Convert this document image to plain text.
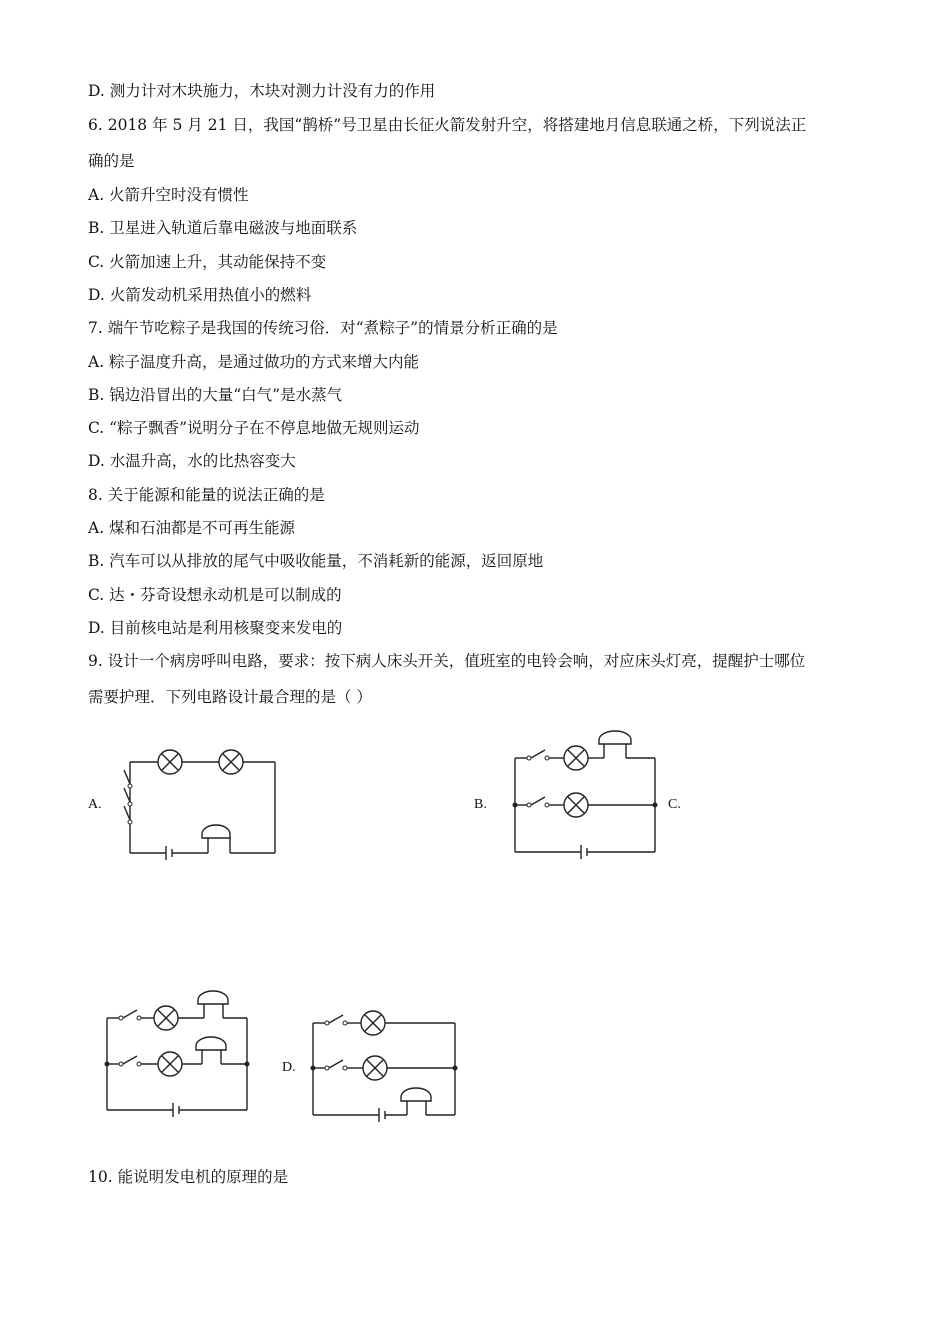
D. 测力计对木块施力，木块对测力计没有力的作用
6. 2018 年 5 月 21 日，我国“鹊桥”号卫星由长征火箭发射升空，将搭建地月信息联通之桥，下列说法正
确的是
A. 火箭升空时没有惯性
B. 卫星进入轨道后靠电磁波与地面联系
C. 火箭加速上升，其动能保持不变
D. 火箭发动机采用热值小的燃料
7. 端午节吃粽子是我国的传统习俗．对“煮粽子”的情景分析正确的是
A. 粽子温度升高，是通过做功的方式来增大内能
B. 锅边沿冒出的大量“白气”是水蒸气
C. “粽子飘香”说明分子在不停息地做无规则运动
D. 水温升高，水的比热容变大
8. 关于能源和能量的说法正确的是
A. 煤和石油都是不可再生能源
B. 汽车可以从排放的尾气中吸收能量，不消耗新的能源，返回原地
C. 达・芬奇设想永动机是可以制成的
D. 目前核电站是利用核聚变来发电的
9. 设计一个病房呼叫电路，要求：按下病人床头开关，值班室的电铃会响，对应床头灯亮，提醒护士哪位
需要护理．下列电路设计最合理的是（ ）
A.	B.	C.
D.
10. 能说明发电机的原理的是
